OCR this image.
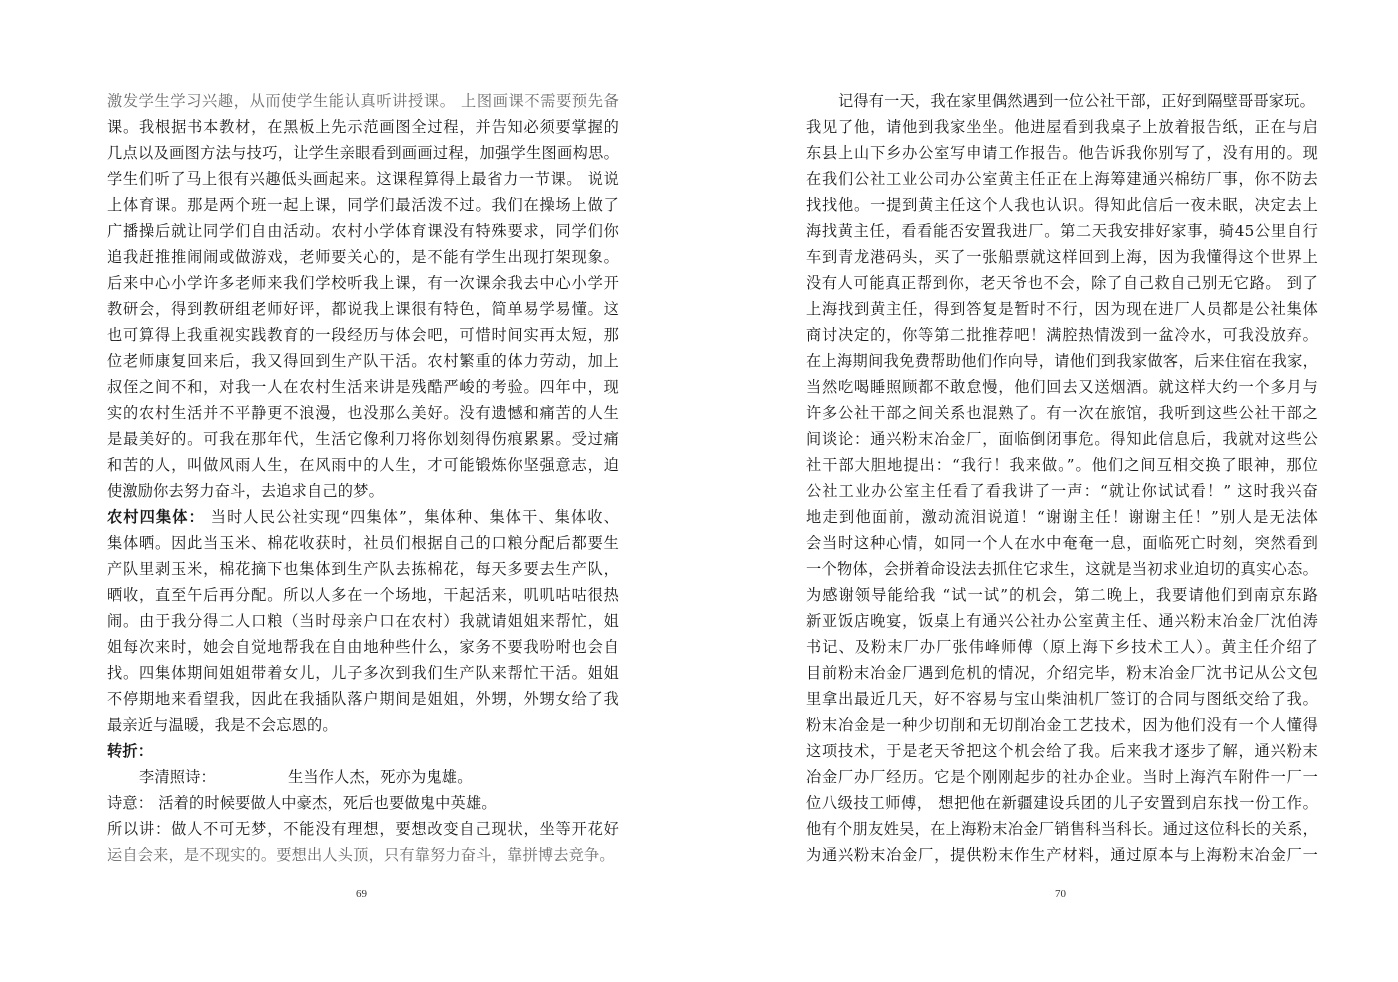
激发学生学习兴趣，从而使学生能认真听讲授课。 上图画课不需要预先备
课。我根据书本教材，在黑板上先示范画图全过程，并告知必须要掌握的
几点以及画图方法与技巧，让学生亲眼看到画画过程，加强学生图画构思。
学生们听了马上很有兴趣低头画起来。这课程算得上最省力一节课。 说说
上体育课。那是两个班一起上课，同学们最活泼不过。我们在操场上做了
广播操后就让同学们自由活动。农村小学体育课没有特殊要求，同学们你
追我赶推推闹闹或做游戏，老师要关心的，是不能有学生出现打架现象。
后来中心小学许多老师来我们学校听我上课，有一次课余我去中心小学开
教研会，得到教研组老师好评，都说我上课很有特色，简单易学易懂。这
也可算得上我重视实践教育的一段经历与体会吧，可惜时间实再太短，那
位老师康复回来后，我又得回到生产队干活。农村繁重的体力劳动，加上
叔侄之间不和，对我一人在农村生活来讲是残酷严峻的考验。四年中，现
实的农村生活并不平静更不浪漫，也没那么美好。没有遗憾和痛苦的人生
是最美好的。可我在那年代，生活它像利刀将你划刻得伤痕累累。受过痛
和苦的人，叫做风雨人生，在风雨中的人生，才可能锻炼你坚强意志，迫
使激励你去努力奋斗，去追求自己的梦。
农村四集体： 当时人民公社实现“四集体”，集体种、集体干、集体收、
集体晒。因此当玉米、棉花收获时，社员们根据自己的口粮分配后都要生
产队里剥玉米，棉花摘下也集体到生产队去拣棉花，每天多要去生产队，
晒收，直至午后再分配。所以人多在一个场地，干起活来，叽叽咕咕很热
闹。由于我分得二人口粮（当时母亲户口在农村）我就请姐姐来帮忙，姐
姐每次来时，她会自觉地帮我在自由地种些什么，家务不要我吩咐也会自
找。四集体期间姐姐带着女儿，儿子多次到我们生产队来帮忙干活。姐姐
不停期地来看望我，因此在我插队落户期间是姐姐，外甥，外甥女给了我
最亲近与温暖，我是不会忘恩的。
转折：
李清照诗：	生当作人杰，死亦为鬼雄。
诗意： 活着的时候要做人中豪杰，死后也要做鬼中英雄。
所以讲：做人不可无梦，不能没有理想，要想改变自己现状，坐等开花好
运自会来，是不现实的。要想出人头顶，只有靠努力奋斗，靠拼博去竞争。
69
记得有一天，我在家里偶然遇到一位公社干部，正好到隔壁哥哥家玩。
我见了他，请他到我家坐坐。他进屋看到我桌子上放着报告纸，正在与启
东县上山下乡办公室写申请工作报告。他告诉我你别写了，没有用的。现
在我们公社工业公司办公室黄主任正在上海筹建通兴棉纺厂事，你不防去
找找他。一提到黄主任这个人我也认识。得知此信后一夜未眠，决定去上
海找黄主任，看看能否安置我进厂。第二天我安排好家事，骑45公里自行
车到青龙港码头，买了一张船票就这样回到上海，因为我懂得这个世界上
没有人可能真正帮到你，老天爷也不会，除了自己救自己别无它路。 到了
上海找到黄主任，得到答复是暂时不行，因为现在进厂人员都是公社集体
商讨决定的，你等第二批推荐吧！满腔热情泼到一盆冷水，可我没放弃。
在上海期间我免费帮助他们作向导，请他们到我家做客，后来住宿在我家，
当然吃喝睡照顾都不敢怠慢，他们回去又送烟酒。就这样大约一个多月与
许多公社干部之间关系也混熟了。有一次在旅馆，我听到这些公社干部之
间谈论：通兴粉末冶金厂，面临倒闭事危。得知此信息后，我就对这些公
社干部大胆地提出：“我行！我来做。”。他们之间互相交换了眼神，那位
公社工业办公室主任看了看我讲了一声：“就让你试试看！” 这时我兴奋
地走到他面前，激动流泪说道！“谢谢主任！谢谢主任！”别人是无法体
会当时这种心情，如同一个人在水中奄奄一息，面临死亡时刻，突然看到
一个物体，会拼着命设法去抓住它求生，这就是当初求业迫切的真实心态。
为感谢领导能给我 “试一试”的机会，第二晚上，我要请他们到南京东路
新亚饭店晚宴，饭桌上有通兴公社办公室黄主任、通兴粉末冶金厂沈伯涛
书记、及粉末厂办厂张伟峰师傅（原上海下乡技术工人）。黄主任介绍了
目前粉末冶金厂遇到危机的情况，介绍完毕，粉末冶金厂沈书记从公文包
里拿出最近几天，好不容易与宝山柴油机厂签订的合同与图纸交给了我。
粉末冶金是一种少切削和无切削冶金工艺技术，因为他们没有一个人懂得
这项技术，于是老天爷把这个机会给了我。后来我才逐步了解，通兴粉末
冶金厂办厂经历。它是个刚刚起步的社办企业。当时上海汽车附件一厂一
位八级技工师傅， 想把他在新疆建设兵团的儿子安置到启东找一份工作。
他有个朋友姓吴，在上海粉末冶金厂销售科当科长。通过这位科长的关系，
为通兴粉末冶金厂，提供粉末作生产材料，通过原本与上海粉末冶金厂一
70
